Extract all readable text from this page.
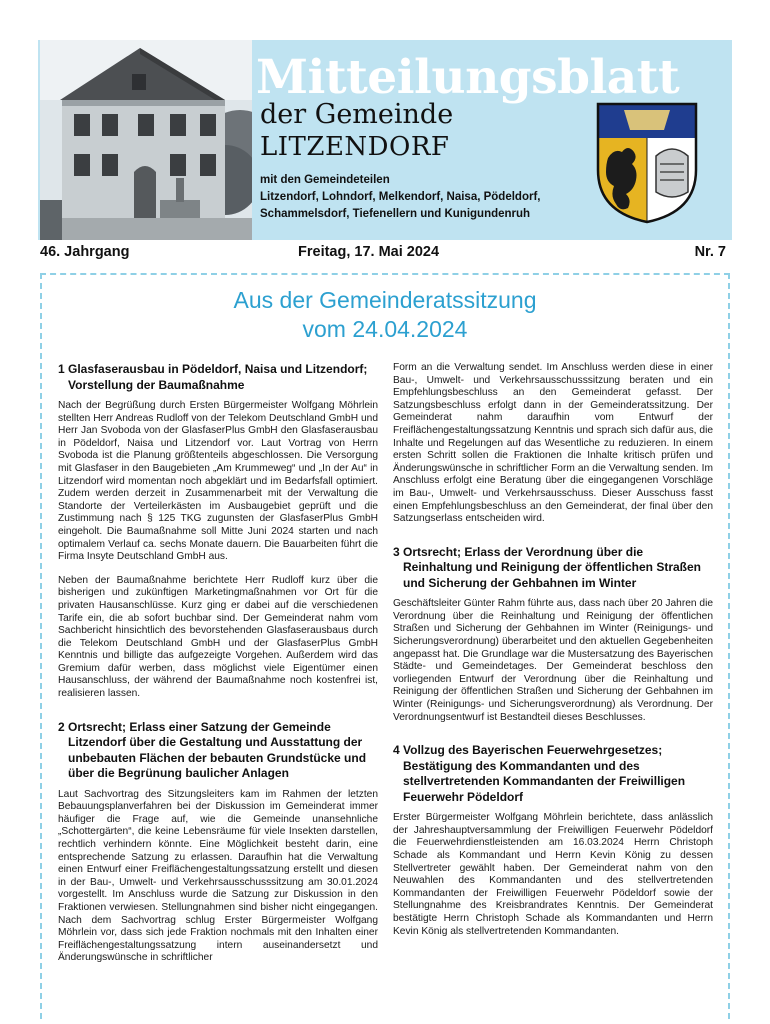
Mitteilungsblatt
der Gemeinde
LITZENDORF
mit den Gemeindeteilen
Litzendorf, Lohndorf, Melkendorf, Naisa, Pödeldorf,
Schammelsdorf, Tiefenellern und Kunigundenruh
46. Jahrgang	Freitag, 17. Mai 2024	Nr. 7
Aus der Gemeinderatssitzung
vom 24.04.2024
1 Glasfaserausbau in Pödeldorf, Naisa und Litzendorf; Vorstellung der Baumaßnahme

Nach der Begrüßung durch Ersten Bürgermeister Wolfgang Möhrlein stellten Herr Andreas Rudloff von der Telekom Deutschland GmbH und Herr Jan Svoboda von der GlasfaserPlus GmbH den Glasfaserausbau in Pödeldorf, Naisa und Litzendorf vor. Laut Vortrag von Herrn Svoboda ist die Planung größtenteils abgeschlossen. Die Versorgung mit Glasfaser in den Baugebieten „Am Krummeweg“ und „In der Au“ in Litzendorf wird momentan noch abgeklärt und im Bedarfsfall optimiert. Zudem werden derzeit in Zusammenarbeit mit der Verwaltung die Standorte der Verteilerkästen im Ausbaugebiet geprüft und die Zustimmung nach § 125 TKG zugunsten der GlasfaserPlus GmbH eingeholt. Die Baumaßnahme soll Mitte Juni 2024 starten und nach optimalem Verlauf ca. sechs Monate dauern. Die Bauarbeiten führt die Firma Insyte Deutschland GmbH aus.

Neben der Baumaßnahme berichtete Herr Rudloff kurz über die bisherigen und zukünftigen Marketingmaßnahmen vor Ort für die privaten Hausanschlüsse. Kurz ging er dabei auf die verschiedenen Tarife ein, die ab sofort buchbar sind. Der Gemeinderat nahm vom Sachbericht hinsichtlich des bevorstehenden Glasfaserausbaus durch die Telekom Deutschland GmbH und der GlasfaserPlus GmbH Kenntnis und billigte das aufgezeigte Vorgehen. Außerdem wird das Gremium dafür werben, dass möglichst viele Eigentümer einen Hausanschluss, der während der Baumaßnahme noch kostenfrei ist, realisieren lassen.

2 Ortsrecht; Erlass einer Satzung der Gemeinde Litzendorf über die Gestaltung und Ausstattung der unbebauten Flächen der bebauten Grundstücke und über die Begrünung baulicher Anlagen

Laut Sachvortrag des Sitzungsleiters kam im Rahmen der letzten Bebauungsplanverfahren bei der Diskussion im Gemeinderat immer häufiger die Frage auf, wie die Gemeinde unansehnliche „Schottergärten“, die keine Lebensräume für viele Insekten darstellen, rechtlich verhindern könnte. Eine Möglichkeit besteht darin, eine entsprechende Satzung zu erlassen. Daraufhin hat die Verwaltung einen Entwurf einer Freiflächengestaltungssatzung erstellt und diesen in der Bau-, Umwelt- und Verkehrsausschusssitzung am 30.01.2024 vorgestellt. Im Anschluss wurde die Satzung zur Diskussion in den Fraktionen verwiesen. Stellungnahmen sind bisher nicht eingegangen. Nach dem Sachvortrag schlug Erster Bürgermeister Wolfgang Möhrlein vor, dass sich jede Fraktion nochmals mit den Inhalten einer Freiflächengestaltungssatzung intern auseinandersetzt und Änderungswünsche in schriftlicher

Form an die Verwaltung sendet. Im Anschluss werden diese in einer Bau-, Umwelt- und Verkehrsausschusssitzung beraten und ein Empfehlungsbeschluss an den Gemeinderat gefasst. Der Satzungsbeschluss erfolgt dann in der Gemeinderatssitzung. Der Gemeinderat nahm daraufhin vom Entwurf der Freiflächengestaltungssatzung Kenntnis und sprach sich dafür aus, die Inhalte und Regelungen auf das Wesentliche zu reduzieren. In einem ersten Schritt sollen die Fraktionen die Inhalte kritisch prüfen und Änderungswünsche in schriftlicher Form an die Verwaltung senden. Im Anschluss erfolgt eine Beratung über die eingegangenen Vorschläge im Bau-, Umwelt- und Verkehrsausschuss. Dieser Ausschuss fasst einen Empfehlungsbeschluss an den Gemeinderat, der final über den Satzungserlass entscheiden wird.

3 Ortsrecht; Erlass der Verordnung über die Reinhaltung und Reinigung der öffentlichen Straßen und Sicherung der Gehbahnen im Winter

Geschäftsleiter Günter Rahm führte aus, dass nach über 20 Jahren die Verordnung über die Reinhaltung und Reinigung der öffentlichen Straßen und Sicherung der Gehbahnen im Winter (Reinigungs- und Sicherungsverordnung) überarbeitet und den aktuellen Gegebenheiten angepasst hat. Die Grundlage war die Mustersatzung des Bayerischen Städte- und Gemeindetages. Der Gemeinderat beschloss den vorliegenden Entwurf der Verordnung über die Reinhaltung und Reinigung der öffentlichen Straßen und Sicherung der Gehbahnen im Winter (Reinigungs- und Sicherungsverordnung) als Verordnung. Der Verordnungsentwurf ist Bestandteil dieses Beschlusses.

4 Vollzug des Bayerischen Feuerwehrgesetzes; Bestätigung des Kommandanten und des stellvertretenden Kommandanten der Freiwilligen Feuerwehr Pödeldorf

Erster Bürgermeister Wolfgang Möhrlein berichtete, dass anlässlich der Jahreshauptversammlung der Freiwilligen Feuerwehr Pödeldorf die Feuerwehrdienstleistenden am 16.03.2024 Herrn Christoph Schade als Kommandant und Herrn Kevin König zu dessen Stellvertreter gewählt haben. Der Gemeinderat nahm von den Neuwahlen des Kommandanten und des stellvertretenden Kommandanten der Freiwilligen Feuerwehr Pödeldorf sowie der Stellungnahme des Kreisbrandrates Kenntnis. Der Gemeinderat bestätigte Herrn Christoph Schade als Kommandanten und Herrn Kevin König als stellvertretenden Kommandanten.
